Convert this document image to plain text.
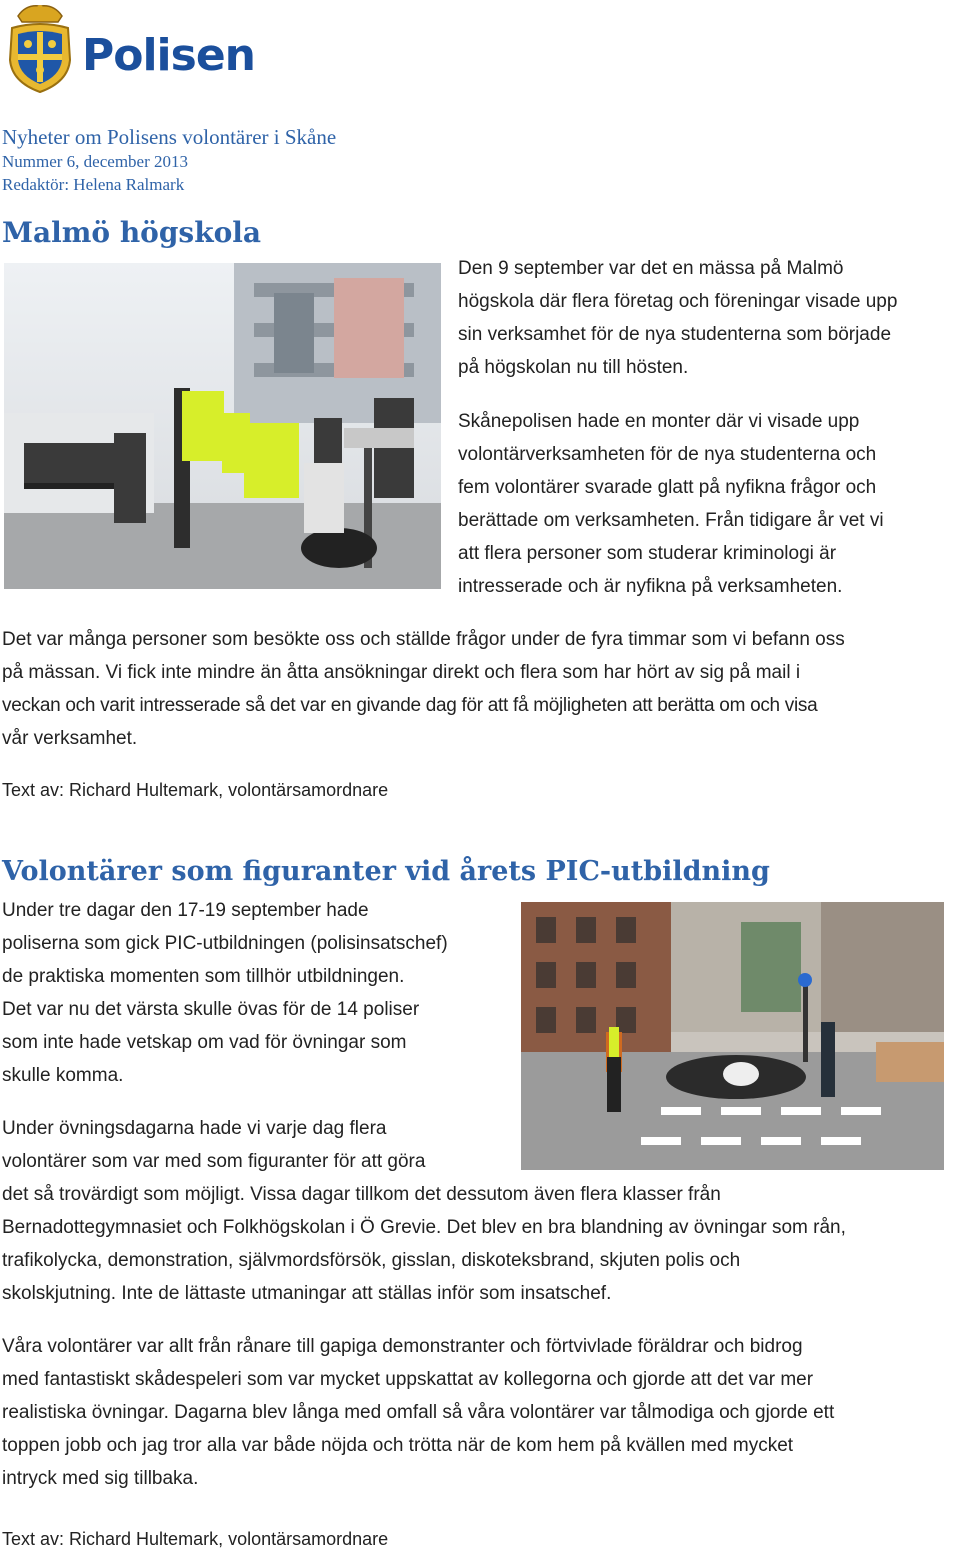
Polisen
Nyheter om Polisens volontärer i Skåne
Nummer 6, december 2013
Redaktör: Helena Ralmark
Malmö högskola
Den 9 september var det en mässa på Malmö
högskola där flera företag och föreningar visade upp
sin verksamhet för de nya studenterna som började
på högskolan nu till hösten.
Skånepolisen hade en monter där vi visade upp
volontärverksamheten för de nya studenterna och
fem volontärer svarade glatt på nyfikna frågor och
berättade om verksamheten. Från tidigare år vet vi
att flera personer som studerar kriminologi är
intresserade och är nyfikna på verksamheten.
Det var många personer som besökte oss och ställde frågor under de fyra timmar som vi befann oss
på mässan. Vi fick inte mindre än åtta ansökningar direkt och flera som har hört av sig på mail i
veckan och varit intresserade så det var en givande dag för att få möjligheten att berätta om och visa
vår verksamhet.
Text av: Richard Hultemark, volontärsamordnare
Volontärer som figuranter vid årets PIC-utbildning
Under tre dagar den 17-19 september hade
poliserna som gick PIC-utbildningen (polisinsatschef)
de praktiska momenten som tillhör utbildningen.
Det var nu det värsta skulle övas för de 14 poliser
som inte hade vetskap om vad för övningar som
skulle komma.
Under övningsdagarna hade vi varje dag flera
volontärer som var med som figuranter för att göra
det så trovärdigt som möjligt. Vissa dagar tillkom det dessutom även flera klasser från
Bernadottegymnasiet och Folkhögskolan i Ö Grevie. Det blev en bra blandning av övningar som rån,
trafikolycka, demonstration, självmordsförsök, gisslan, diskoteksbrand, skjuten polis och
skolskjutning. Inte de lättaste utmaningar att ställas inför som insatschef.
Våra volontärer var allt från rånare till gapiga demonstranter och förtvivlade föräldrar och bidrog
med fantastiskt skådespeleri som var mycket uppskattat av kollegorna och gjorde att det var mer
realistiska övningar. Dagarna blev långa med omfall så våra volontärer var tålmodiga och gjorde ett
toppen jobb och jag tror alla var både nöjda och trötta när de kom hem på kvällen med mycket
intryck med sig tillbaka.
Text av: Richard Hultemark, volontärsamordnare
